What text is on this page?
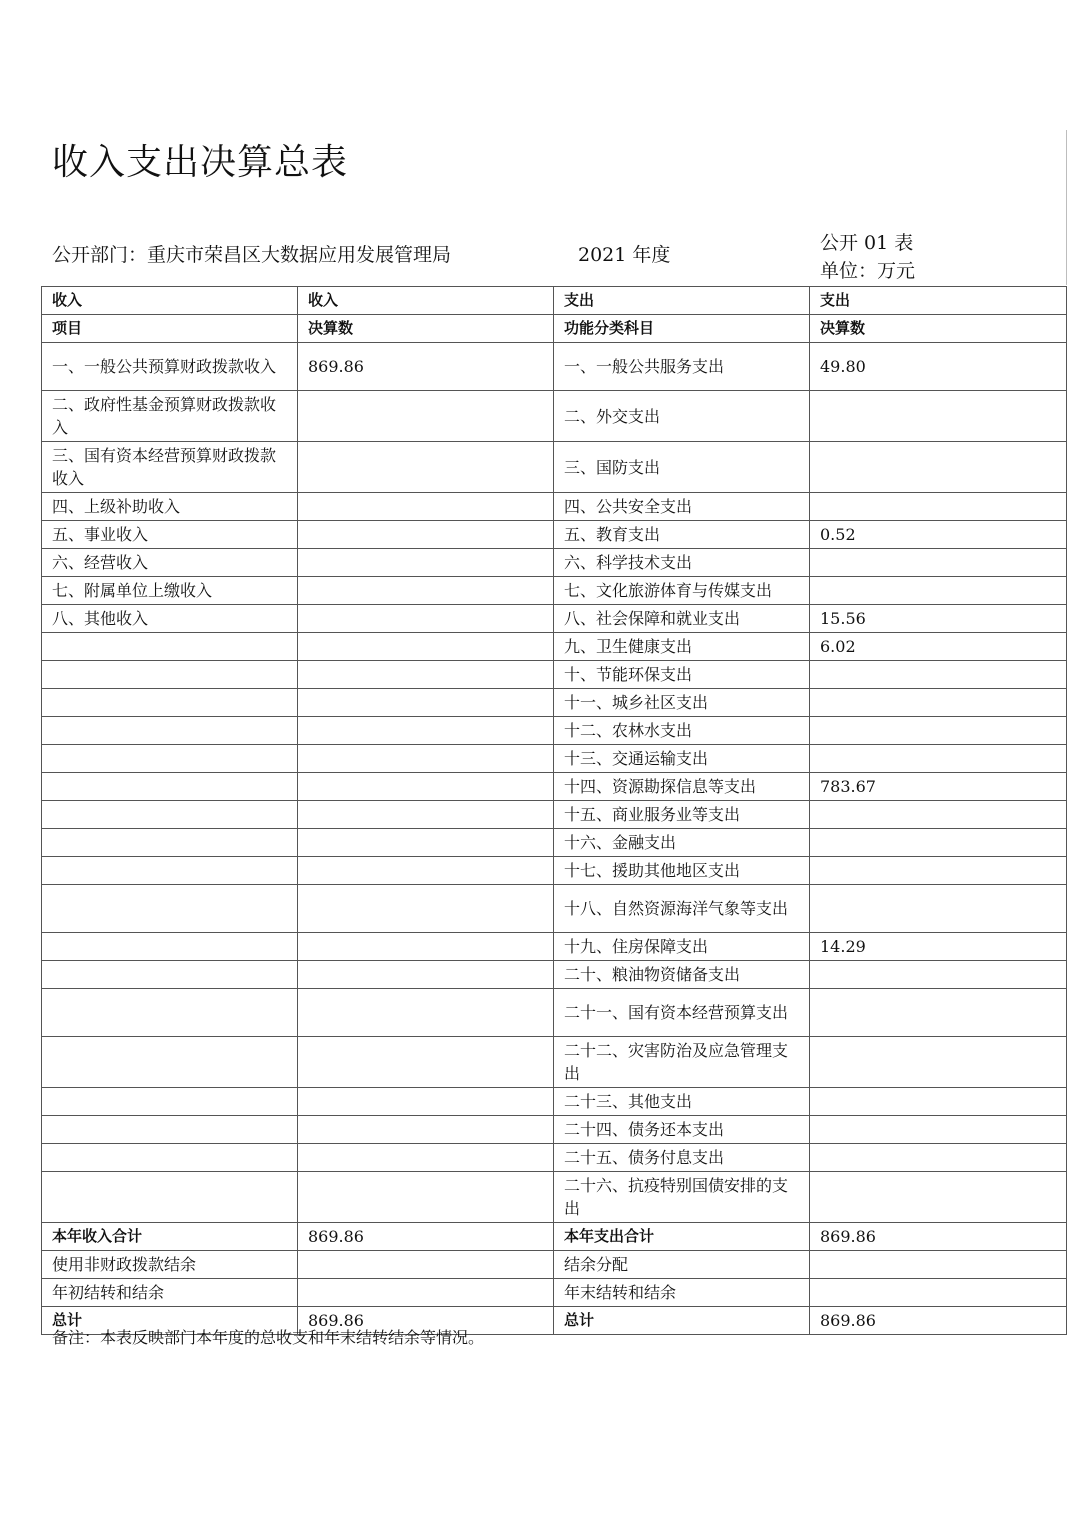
收入支出决算总表
公开部门：重庆市荣昌区大数据应用发展管理局	2021 年度
公开 01 表
单位：万元
收入	收入	支出	支出
项目	决算数	功能分类科目	决算数
一、一般公共预算财政拨款收入	869.86	一、一般公共服务支出	49.80
二、政府性基金预算财政拨款收入		二、外交支出	
三、国有资本经营预算财政拨款收入		三、国防支出	
四、上级补助收入		四、公共安全支出	
五、事业收入		五、教育支出	0.52
六、经营收入		六、科学技术支出	
七、附属单位上缴收入		七、文化旅游体育与传媒支出	
八、其他收入		八、社会保障和就业支出	15.56
		九、卫生健康支出	6.02
		十、节能环保支出	
		十一、城乡社区支出	
		十二、农林水支出	
		十三、交通运输支出	
		十四、资源勘探信息等支出	783.67
		十五、商业服务业等支出	
		十六、金融支出	
		十七、援助其他地区支出	
		十八、自然资源海洋气象等支出	
		十九、住房保障支出	14.29
		二十、粮油物资储备支出	
		二十一、国有资本经营预算支出	
		二十二、灾害防治及应急管理支出	
		二十三、其他支出	
		二十四、债务还本支出	
		二十五、债务付息支出	
		二十六、抗疫特别国债安排的支出	
本年收入合计	869.86	本年支出合计	869.86
使用非财政拨款结余		结余分配	
年初结转和结余		年末结转和结余	
总计	869.86	总计	869.86
备注：本表反映部门本年度的总收支和年末结转结余等情况。
